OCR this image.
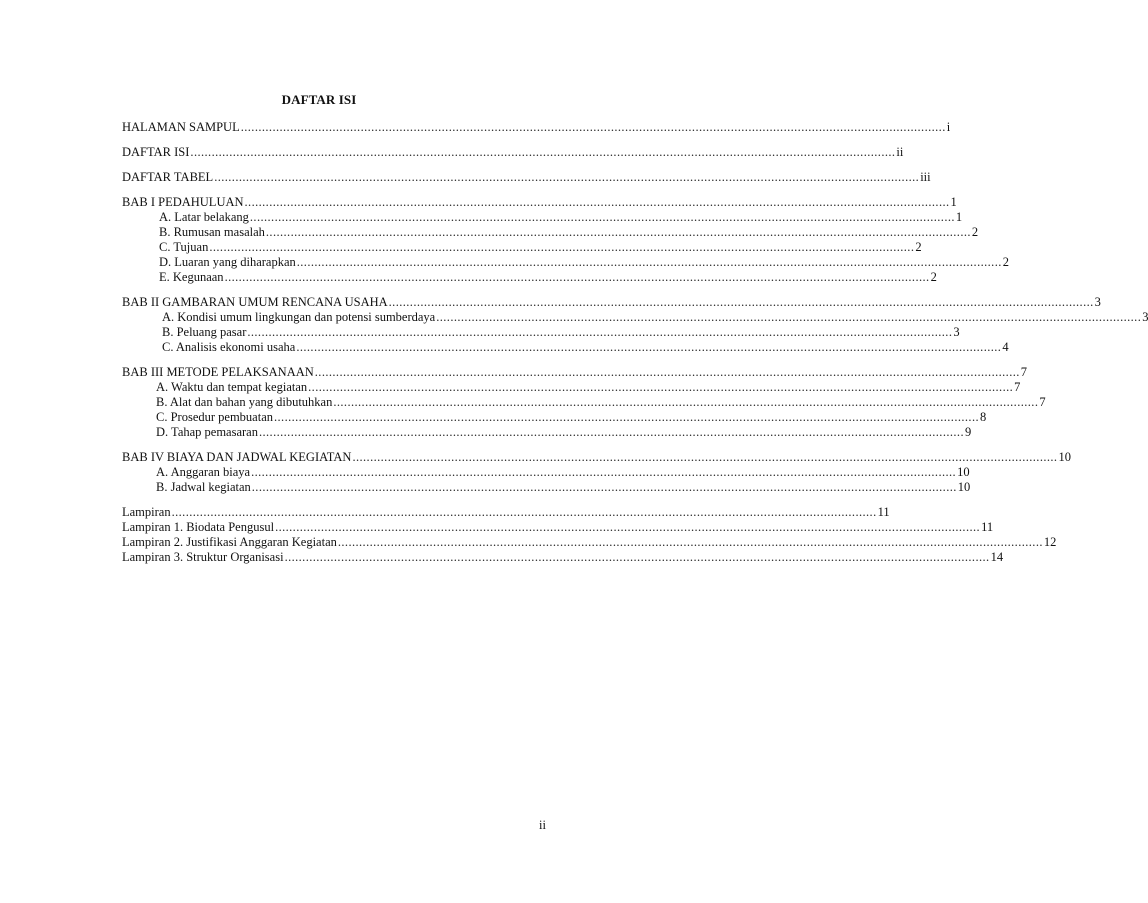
DAFTAR ISI
HALAMAN SAMPUL ........................................................................................................................................................................................................ i
DAFTAR ISI ........................................................................................................................................................................................................ ii
DAFTAR TABEL ........................................................................................................................................................................................................ iii
BAB I PEDAHULUAN ........................................................................................................................................................................................................ 1
A. Latar belakang ........................................................................................................................................................................................................ 1
B. Rumusan masalah ........................................................................................................................................................................................................ 2
C. Tujuan ........................................................................................................................................................................................................ 2
D. Luaran yang diharapkan ........................................................................................................................................................................................................ 2
E. Kegunaan ........................................................................................................................................................................................................ 2
BAB II GAMBARAN UMUM RENCANA USAHA ........................................................................................................................................................................................................ 3
A. Kondisi umum lingkungan dan potensi sumberdaya ........................................................................................................................................................................................................ 3
B. Peluang pasar ........................................................................................................................................................................................................ 3
C. Analisis ekonomi usaha ........................................................................................................................................................................................................ 4
BAB III METODE PELAKSANAAN ........................................................................................................................................................................................................ 7
A. Waktu dan tempat kegiatan ........................................................................................................................................................................................................ 7
B. Alat dan bahan yang dibutuhkan ........................................................................................................................................................................................................ 7
C. Prosedur pembuatan ........................................................................................................................................................................................................ 8
D. Tahap pemasaran ........................................................................................................................................................................................................ 9
BAB IV BIAYA DAN JADWAL KEGIATAN ........................................................................................................................................................................................................ 10
A. Anggaran biaya ........................................................................................................................................................................................................ 10
B. Jadwal kegiatan ........................................................................................................................................................................................................ 10
Lampiran ........................................................................................................................................................................................................ 11
Lampiran 1. Biodata Pengusul ........................................................................................................................................................................................................ 11
Lampiran 2. Justifikasi Anggaran Kegiatan ........................................................................................................................................................................................................ 12
Lampiran 3. Struktur Organisasi ........................................................................................................................................................................................................ 14
ii
